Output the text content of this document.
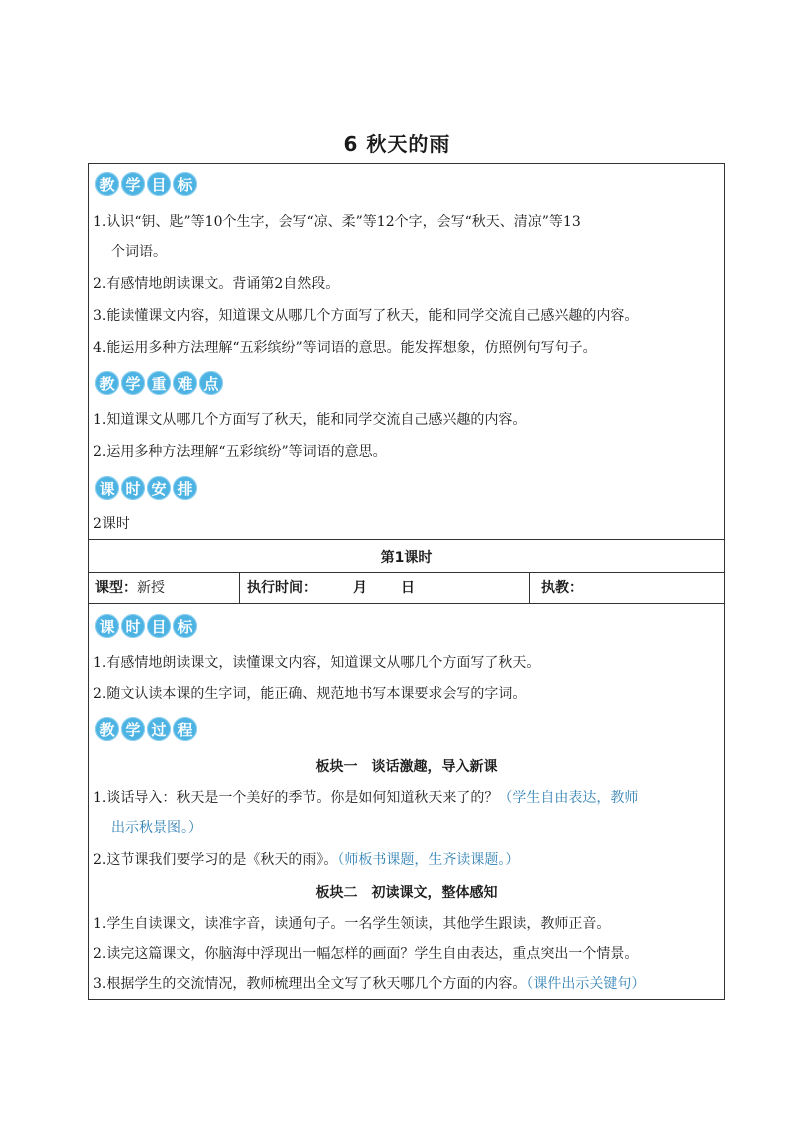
6 秋天的雨
教 学 目 标
1.认识“钥、匙”等10个生字，会写“凉、柔”等12个字，会写“秋天、清凉”等13
个词语。
2.有感情地朗读课文。背诵第2自然段。
3.能读懂课文内容，知道课文从哪几个方面写了秋天，能和同学交流自己感兴趣的内容。
4.能运用多种方法理解“五彩缤纷”等词语的意思。能发挥想象，仿照例句写句子。
教 学 重 难 点
1.知道课文从哪几个方面写了秋天，能和同学交流自己感兴趣的内容。
2.运用多种方法理解“五彩缤纷”等词语的意思。
课 时 安 排
2课时
第1课时
课型：新授	执行时间：	月 日	执教：
课 时 目 标
1.有感情地朗读课文，读懂课文内容，知道课文从哪几个方面写了秋天。
2.随文认读本课的生字词，能正确、规范地书写本课要求会写的字词。
教 学 过 程
板块一　谈话激趣，导入新课
1.谈话导入：秋天是一个美好的季节。你是如何知道秋天来了的？（学生自由表达，教师
出示秋景图。）
2.这节课我们要学习的是《秋天的雨》。（师板书课题，生齐读课题。）
板块二　初读课文，整体感知
1.学生自读课文，读准字音，读通句子。一名学生领读，其他学生跟读，教师正音。
2.读完这篇课文，你脑海中浮现出一幅怎样的画面？学生自由表达，重点突出一个情景。
3.根据学生的交流情况，教师梳理出全文写了秋天哪几个方面的内容。（课件出示关键句）
